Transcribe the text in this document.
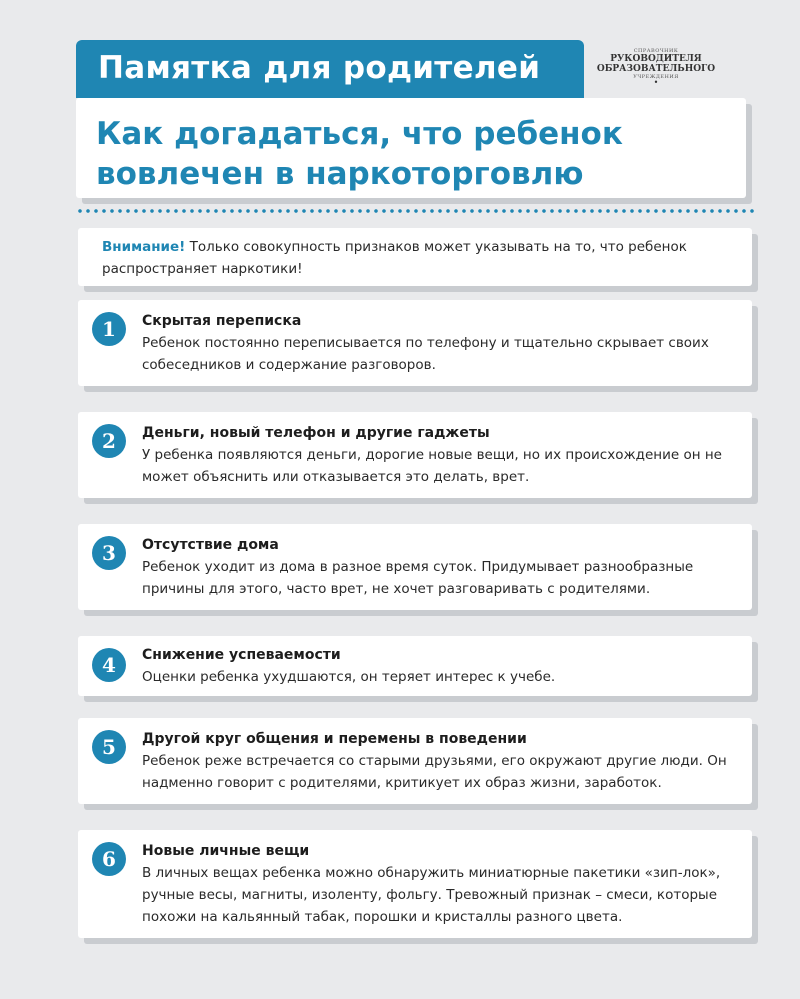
Памятка для родителей	СПРАВОЧНИК
РУКОВОДИТЕЛЯ
ОБРАЗОВАТЕЛЬНОГО
УЧРЕЖДЕНИЯ
•
Как догадаться, что ребенок вовлечен в наркоторговлю

Внимание! Только совокупность признаков может указывать на то, что ребенок распространяет наркотики!

1	Скрытая переписка
Ребенок постоянно переписывается по телефону и тщательно скрывает своих собеседников и содержание разговоров.
2	Деньги, новый телефон и другие гаджеты
У ребенка появляются деньги, дорогие новые вещи, но их происхождение он не может объяснить или отказывается это делать, врет.
3	Отсутствие дома
Ребенок уходит из дома в разное время суток. Придумывает разнообразные причины для этого, часто врет, не хочет разговаривать с родителями.
4	Снижение успеваемости
Оценки ребенка ухудшаются, он теряет интерес к учебе.
5	Другой круг общения и перемены в поведении
Ребенок реже встречается со старыми друзьями, его окружают другие люди. Он надменно говорит с родителями, критикует их образ жизни, заработок.
6	Новые личные вещи
В личных вещах ребенка можно обнаружить миниатюрные пакетики «зип-лок», ручные весы, магниты, изоленту, фольгу. Тревожный признак – смеси, которые похожи на кальянный табак, порошки и кристаллы разного цвета.
